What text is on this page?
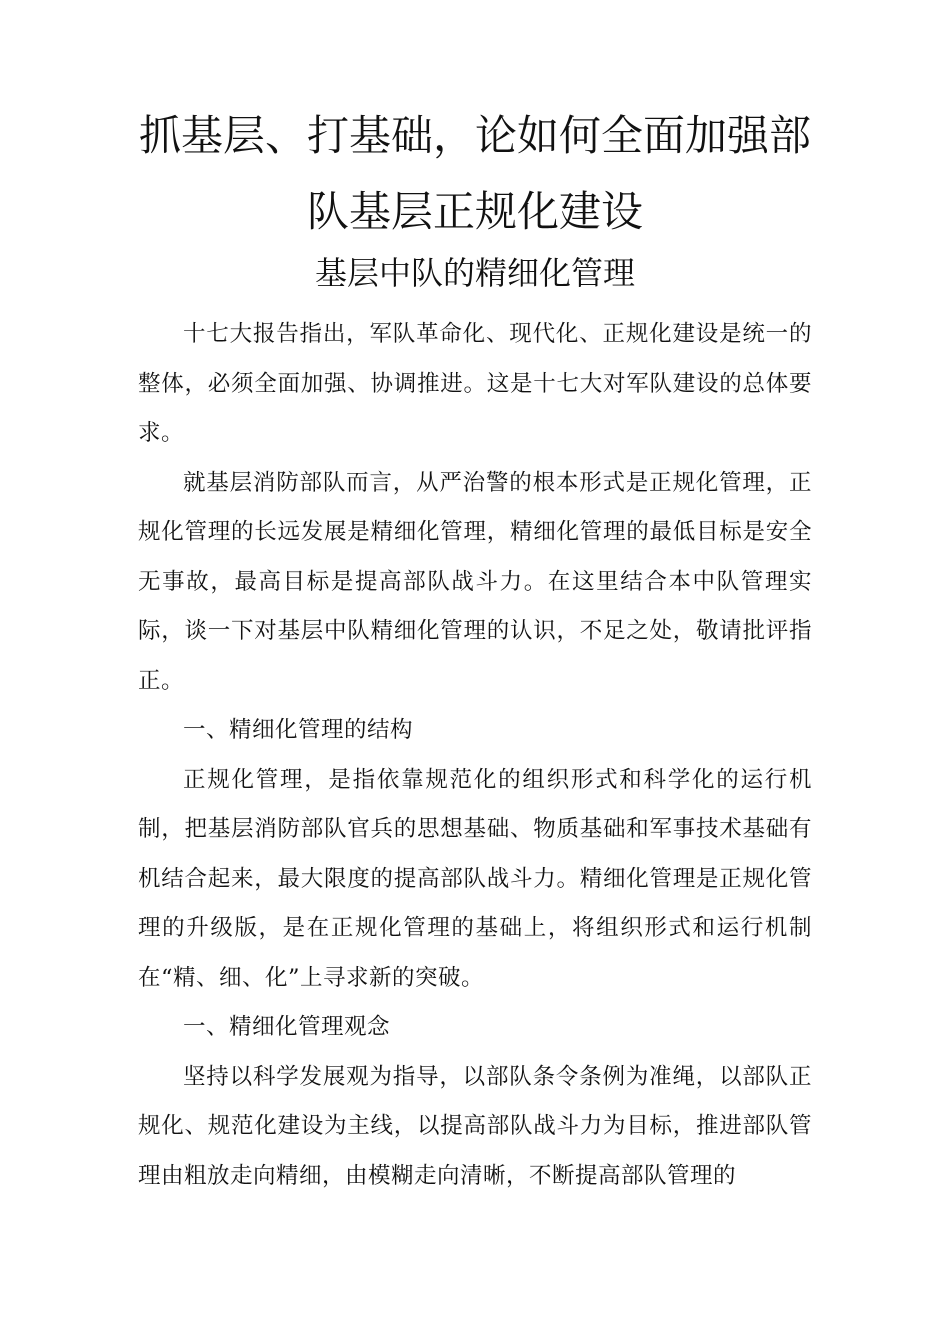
抓基层、打基础，论如何全面加强部队基层正规化建设
基层中队的精细化管理

十七大报告指出，军队革命化、现代化、正规化建设是统一的整体，必须全面加强、协调推进。这是十七大对军队建设的总体要求。

就基层消防部队而言，从严治警的根本形式是正规化管理，正规化管理的长远发展是精细化管理，精细化管理的最低目标是安全无事故，最高目标是提高部队战斗力。在这里结合本中队管理实际，谈一下对基层中队精细化管理的认识，不足之处，敬请批评指正。

一、精细化管理的结构

正规化管理，是指依靠规范化的组织形式和科学化的运行机制，把基层消防部队官兵的思想基础、物质基础和军事技术基础有机结合起来，最大限度的提高部队战斗力。精细化管理是正规化管理的升级版，是在正规化管理的基础上，将组织形式和运行机制在“精、细、化”上寻求新的突破。

一、精细化管理观念

坚持以科学发展观为指导，以部队条令条例为准绳，以部队正规化、规范化建设为主线，以提高部队战斗力为目标，推进部队管理由粗放走向精细，由模糊走向清晰，不断提高部队管理的
